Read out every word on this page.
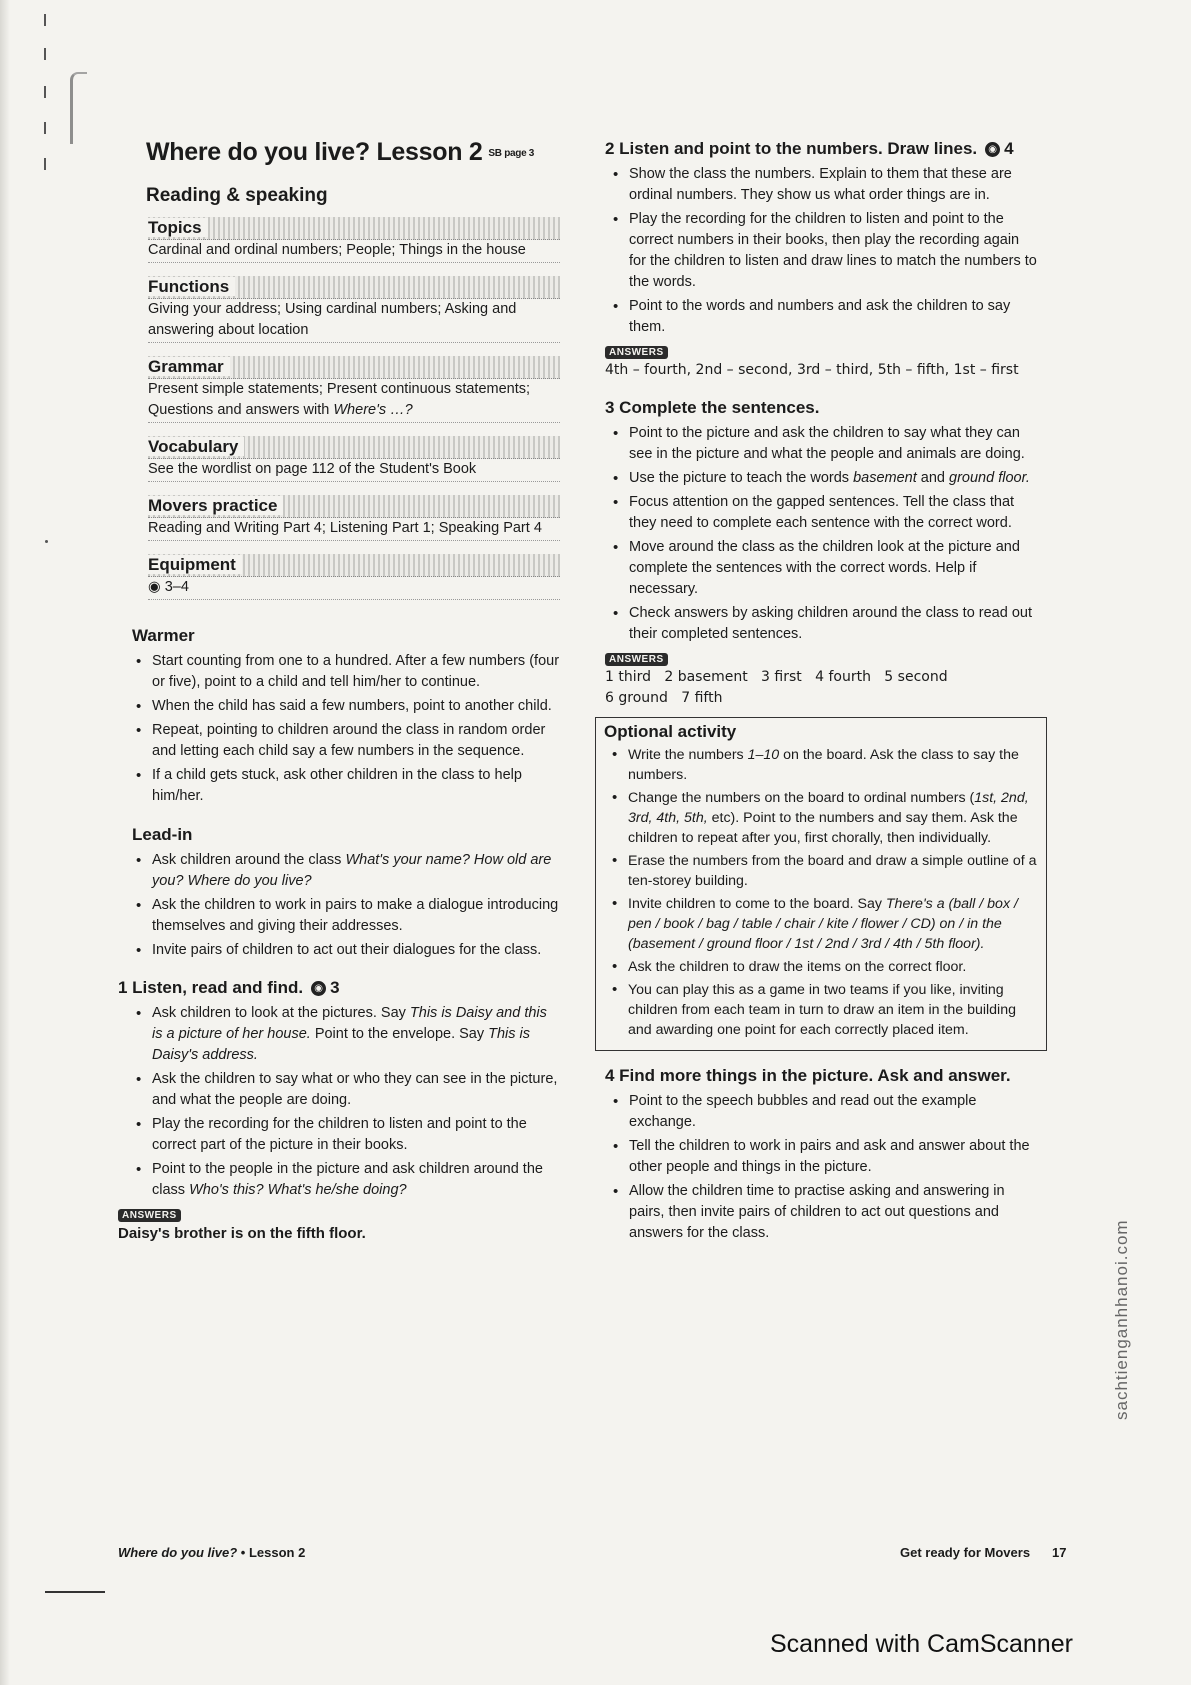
Where do you live? Lesson 2 SB page 3
Reading & speaking
Topics
Cardinal and ordinal numbers; People; Things in the house
Functions
Giving your address; Using cardinal numbers; Asking and answering about location
Grammar
Present simple statements; Present continuous statements; Questions and answers with Where's …?
Vocabulary
See the wordlist on page 112 of the Student's Book
Movers practice
Reading and Writing Part 4; Listening Part 1; Speaking Part 4
Equipment
◉ 3–4
Warmer
• Start counting from one to a hundred. After a few numbers (four or five), point to a child and tell him/her to continue.
• When the child has said a few numbers, point to another child.
• Repeat, pointing to children around the class in random order and letting each child say a few numbers in the sequence.
• If a child gets stuck, ask other children in the class to help him/her.
Lead-in
• Ask children around the class What's your name? How old are you? Where do you live?
• Ask the children to work in pairs to make a dialogue introducing themselves and giving their addresses.
• Invite pairs of children to act out their dialogues for the class.
1 Listen, read and find. ◉ 3
• Ask children to look at the pictures. Say This is Daisy and this is a picture of her house. Point to the envelope. Say This is Daisy's address.
• Ask the children to say what or who they can see in the picture, and what the people are doing.
• Play the recording for the children to listen and point to the correct part of the picture in their books.
• Point to the people in the picture and ask children around the class Who's this? What's he/she doing?
ANSWERS
Daisy's brother is on the fifth floor.
2 Listen and point to the numbers. Draw lines. ◉ 4
• Show the class the numbers. Explain to them that these are ordinal numbers. They show us what order things are in.
• Play the recording for the children to listen and point to the correct numbers in their books, then play the recording again for the children to listen and draw lines to match the numbers to the words.
• Point to the words and numbers and ask the children to say them.
ANSWERS
4th – fourth, 2nd – second, 3rd – third, 5th – fifth, 1st – first
3 Complete the sentences.
• Point to the picture and ask the children to say what they can see in the picture and what the people and animals are doing.
• Use the picture to teach the words basement and ground floor.
• Focus attention on the gapped sentences. Tell the class that they need to complete each sentence with the correct word.
• Move around the class as the children look at the picture and complete the sentences with the correct words. Help if necessary.
• Check answers by asking children around the class to read out their completed sentences.
ANSWERS
1 third   2 basement   3 first   4 fourth   5 second
6 ground   7 fifth
Optional activity
• Write the numbers 1–10 on the board. Ask the class to say the numbers.
• Change the numbers on the board to ordinal numbers (1st, 2nd, 3rd, 4th, 5th, etc). Point to the numbers and say them. Ask the children to repeat after you, first chorally, then individually.
• Erase the numbers from the board and draw a simple outline of a ten-storey building.
• Invite children to come to the board. Say There's a (ball / box / pen / book / bag / table / chair / kite / flower / CD) on / in the (basement / ground floor / 1st / 2nd / 3rd / 4th / 5th floor).
• Ask the children to draw the items on the correct floor.
• You can play this as a game in two teams if you like, inviting children from each team in turn to draw an item in the building and awarding one point for each correctly placed item.
4 Find more things in the picture. Ask and answer.
• Point to the speech bubbles and read out the example exchange.
• Tell the children to work in pairs and ask and answer about the other people and things in the picture.
• Allow the children time to practise asking and answering in pairs, then invite pairs of children to act out questions and answers for the class.
Where do you live? • Lesson 2	Get ready for Movers 17
sachtienganhhanoi.com
Scanned with CamScanner
